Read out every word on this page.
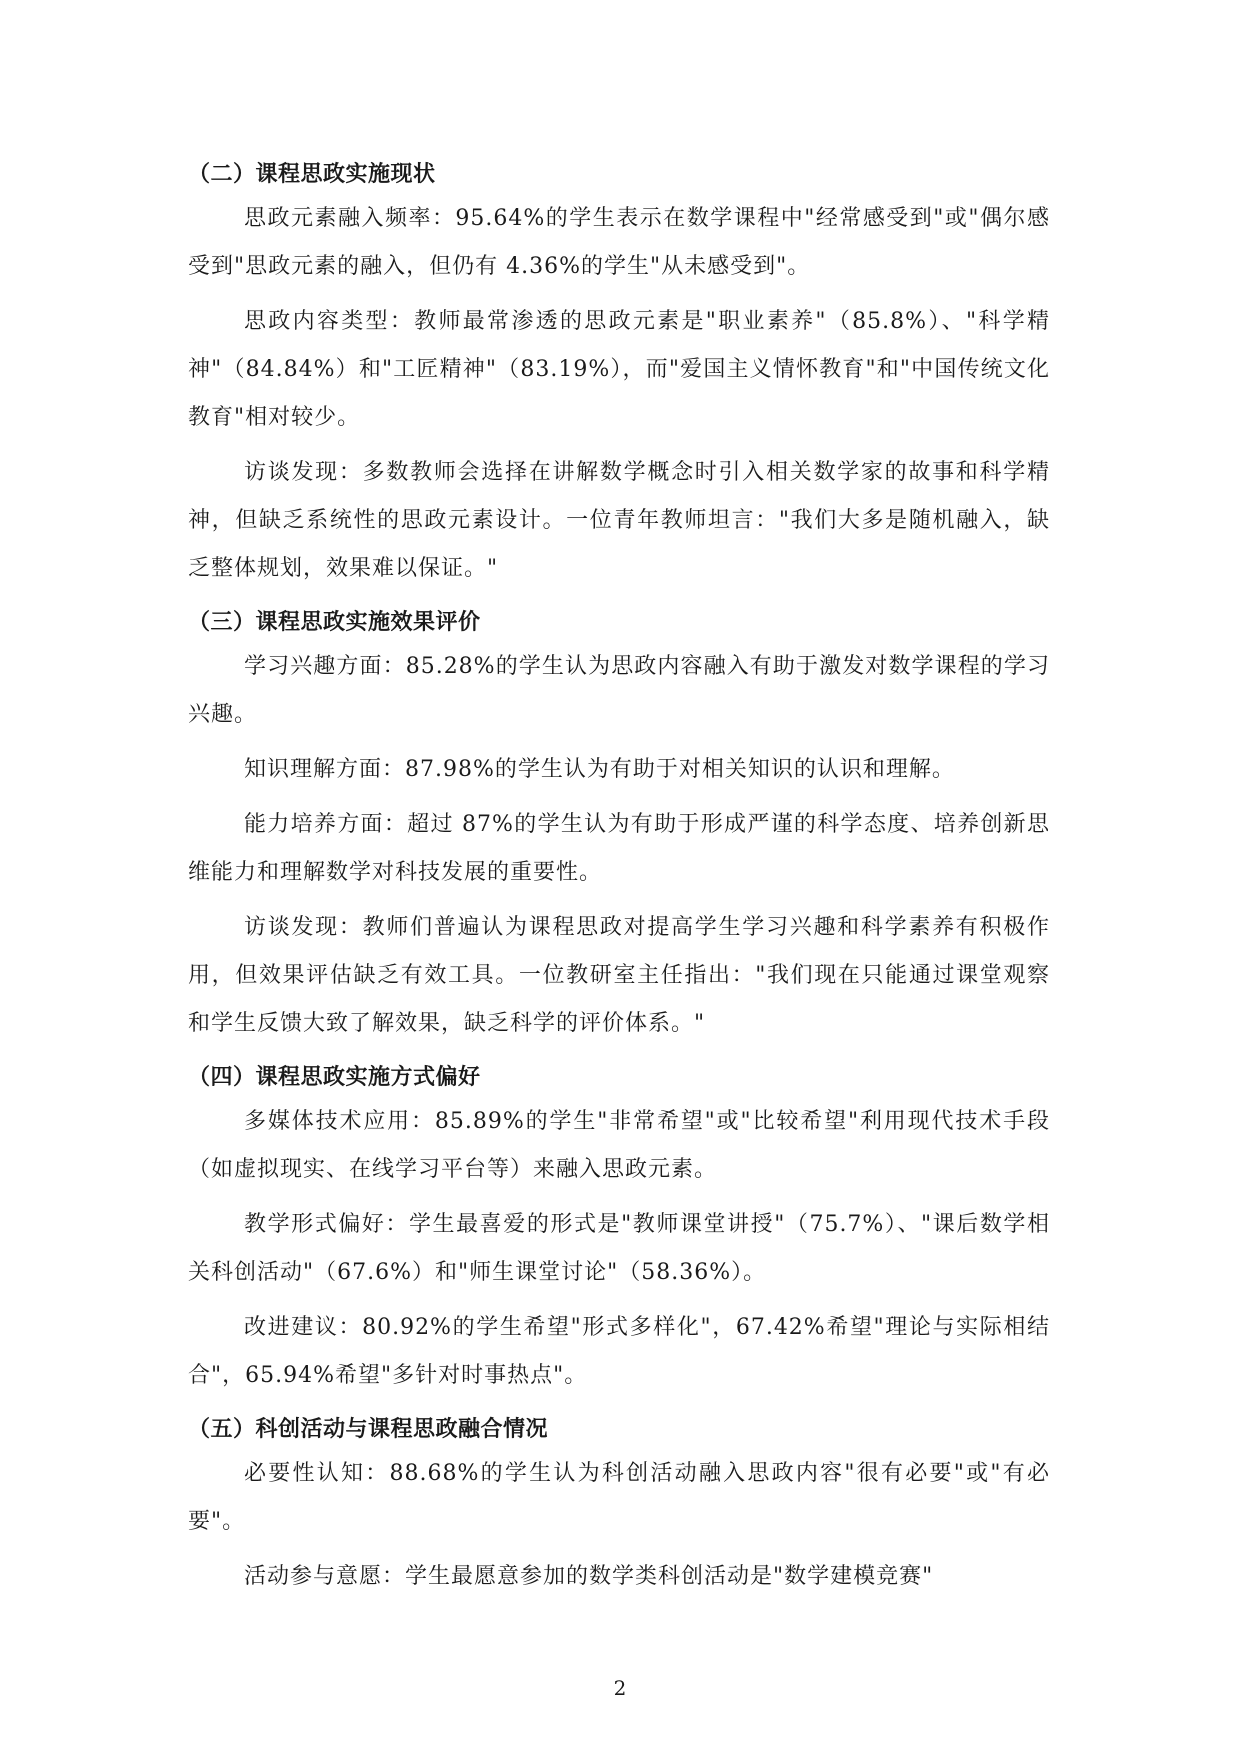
（二）课程思政实施现状

思政元素融入频率：95.64%的学生表示在数学课程中"经常感受到"或"偶尔感受到"思政元素的融入，但仍有 4.36%的学生"从未感受到"。

思政内容类型：教师最常渗透的思政元素是"职业素养"（85.8%）、"科学精神"（84.84%）和"工匠精神"（83.19%），而"爱国主义情怀教育"和"中国传统文化教育"相对较少。

访谈发现：多数教师会选择在讲解数学概念时引入相关数学家的故事和科学精神，但缺乏系统性的思政元素设计。一位青年教师坦言："我们大多是随机融入，缺乏整体规划，效果难以保证。"

（三）课程思政实施效果评价

学习兴趣方面：85.28%的学生认为思政内容融入有助于激发对数学课程的学习兴趣。

知识理解方面：87.98%的学生认为有助于对相关知识的认识和理解。

能力培养方面：超过 87%的学生认为有助于形成严谨的科学态度、培养创新思维能力和理解数学对科技发展的重要性。

访谈发现：教师们普遍认为课程思政对提高学生学习兴趣和科学素养有积极作用，但效果评估缺乏有效工具。一位教研室主任指出："我们现在只能通过课堂观察和学生反馈大致了解效果，缺乏科学的评价体系。"

（四）课程思政实施方式偏好

多媒体技术应用：85.89%的学生"非常希望"或"比较希望"利用现代技术手段（如虚拟现实、在线学习平台等）来融入思政元素。

教学形式偏好：学生最喜爱的形式是"教师课堂讲授"（75.7%）、"课后数学相关科创活动"（67.6%）和"师生课堂讨论"（58.36%）。

改进建议：80.92%的学生希望"形式多样化"，67.42%希望"理论与实际相结合"，65.94%希望"多针对时事热点"。

（五）科创活动与课程思政融合情况

必要性认知：88.68%的学生认为科创活动融入思政内容"很有必要"或"有必要"。

活动参与意愿：学生最愿意参加的数学类科创活动是"数学建模竞赛"

2
